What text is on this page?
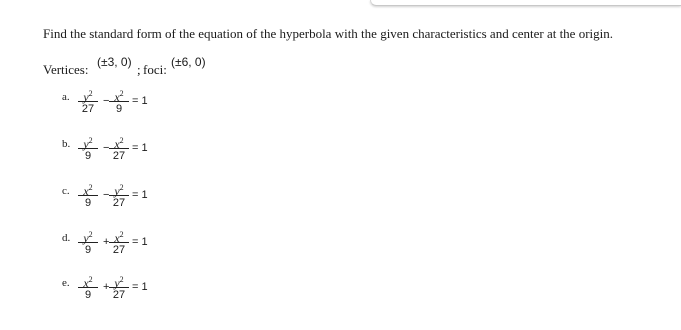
Find the standard form of the equation of the hyperbola with the given characteristics and center at the origin.
Vertices: (±3, 0) ; foci: (±6, 0)
a.	$y^2$
27
− $x^2$
9
= 1
b.	$y^2$
9
− $x^2$
27
= 1
c.	$x^2$
9
− $y^2$
27
= 1
d.	$y^2$
9
+ $x^2$
27
= 1
e.	$x^2$
9
+ $y^2$
27
= 1
